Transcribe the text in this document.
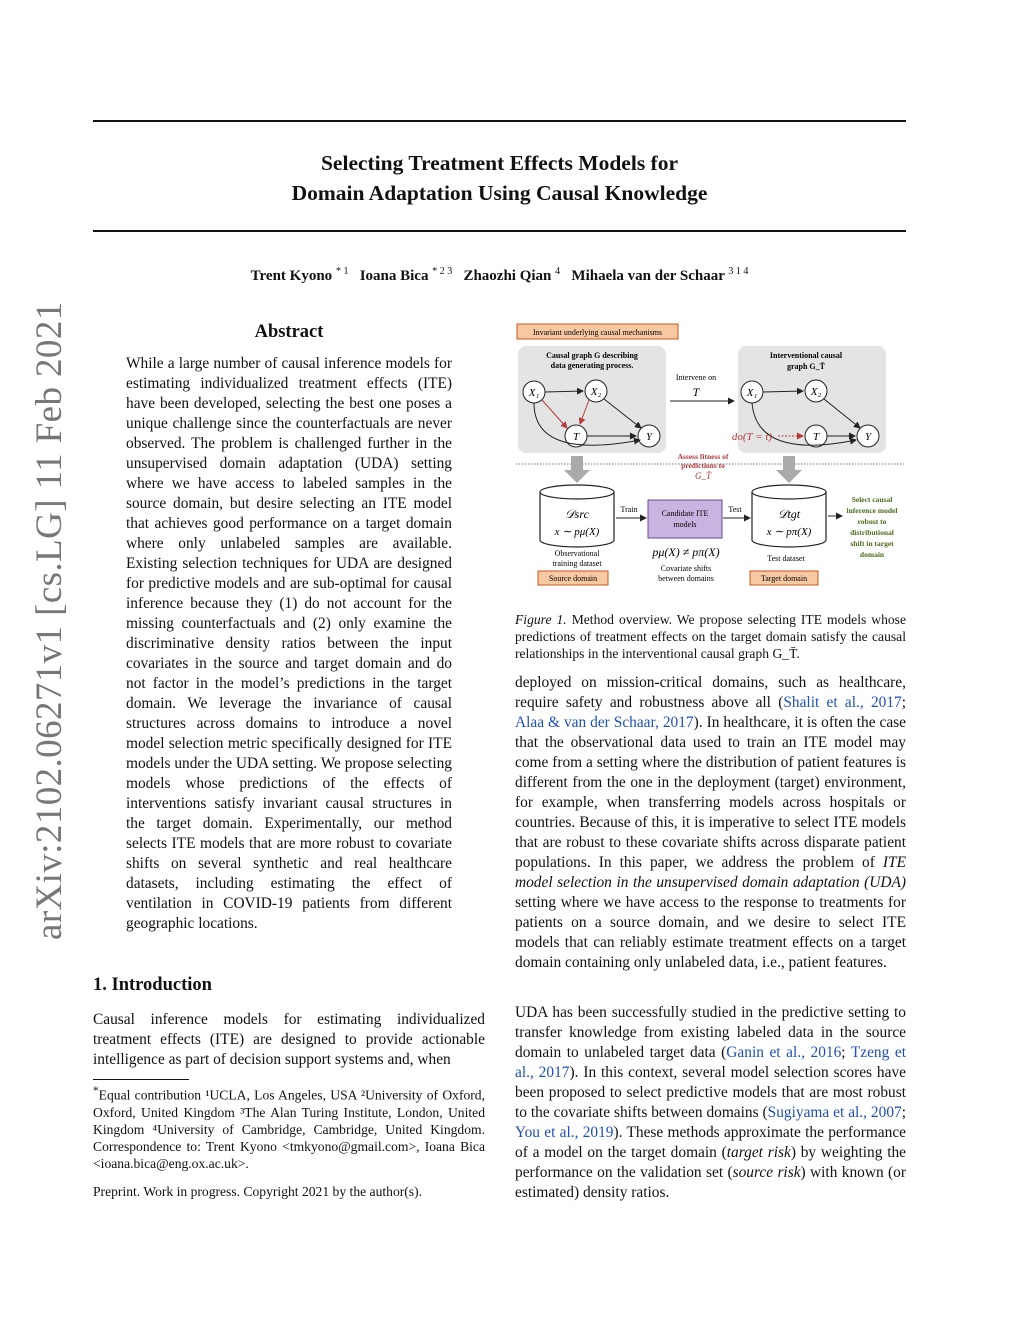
arXiv:2102.06271v1 [cs.LG] 11 Feb 2021
Selecting Treatment Effects Models for
Domain Adaptation Using Causal Knowledge
Trent Kyono $^{* 1}$ Ioana Bica $^{* 2 3}$ Zhaozhi Qian $^4$ Mihaela van der Schaar $^{3 1 4}$
Abstract
While a large number of causal inference models for estimating individualized treatment effects (ITE) have been developed, selecting the best one poses a unique challenge since the counterfactuals are never observed. The problem is challenged further in the unsupervised domain adaptation (UDA) setting where we have access to labeled samples in the source domain, but desire selecting an ITE model that achieves good performance on a target domain where only unlabeled samples are available. Existing selection techniques for UDA are designed for predictive models and are sub-optimal for causal inference because they (1) do not account for the missing counterfactuals and (2) only examine the discriminative density ratios between the input covariates in the source and target domain and do not factor in the model’s predictions in the target domain. We leverage the invariance of causal structures across domains to introduce a novel model selection metric specifically designed for ITE models under the UDA setting. We propose selecting models whose predictions of the effects of interventions satisfy invariant causal structures in the target domain. Experimentally, our method selects ITE models that are more robust to covariate shifts on several synthetic and real healthcare datasets, including estimating the effect of ventilation in COVID-19 patients from different geographic locations.
1. Introduction
Causal inference models for estimating individualized treatment effects (ITE) are designed to provide actionable intelligence as part of decision support systems and, when
*Equal contribution ¹UCLA, Los Angeles, USA ²University of Oxford, Oxford, United Kingdom ³The Alan Turing Institute, London, United Kingdom ⁴University of Cambridge, Cambridge, United Kingdom. Correspondence to: Trent Kyono <tmkyono@gmail.com>, Ioana Bica <ioana.bica@eng.ox.ac.uk>.
Preprint. Work in progress. Copyright 2021 by the author(s).
Invariant underlying causal mechanisms
Causal graph G describing
data generating process.
X₁	X₂
T	Y
Intervene on
T
Interventional causal
graph G_T̄
X₁	X₂
T	Y
do(T = t)
Assess fitness of
predictions to
G_T̄
𝒟src
x ∼ pμ(X)
Observational
training dataset
Source domain
Train	Candidate ITE
models
Test
pμ(X) ≠ pπ(X)
Covariate shifts
between domains
𝒟tgt
x ∼ pπ(X)
Test dataset
Target domain
Select causal
inference model
robust to
distributional
shift in target
domain
Figure 1. Method overview. We propose selecting ITE models whose predictions of treatment effects on the target domain satisfy the causal relationships in the interventional causal graph G_T̄.
deployed on mission-critical domains, such as healthcare, require safety and robustness above all (Shalit et al., 2017; Alaa & van der Schaar, 2017). In healthcare, it is often the case that the observational data used to train an ITE model may come from a setting where the distribution of patient features is different from the one in the deployment (target) environment, for example, when transferring models across hospitals or countries. Because of this, it is imperative to select ITE models that are robust to these covariate shifts across disparate patient populations. In this paper, we address the problem of ITE model selection in the unsupervised domain adaptation (UDA) setting where we have access to the response to treatments for patients on a source domain, and we desire to select ITE models that can reliably estimate treatment effects on a target domain containing only unlabeled data, i.e., patient features.
UDA has been successfully studied in the predictive setting to transfer knowledge from existing labeled data in the source domain to unlabeled target data (Ganin et al., 2016; Tzeng et al., 2017). In this context, several model selection scores have been proposed to select predictive models that are most robust to the covariate shifts between domains (Sugiyama et al., 2007; You et al., 2019). These methods approximate the performance of a model on the target domain (target risk) by weighting the performance on the validation set (source risk) with known (or estimated) density ratios.
